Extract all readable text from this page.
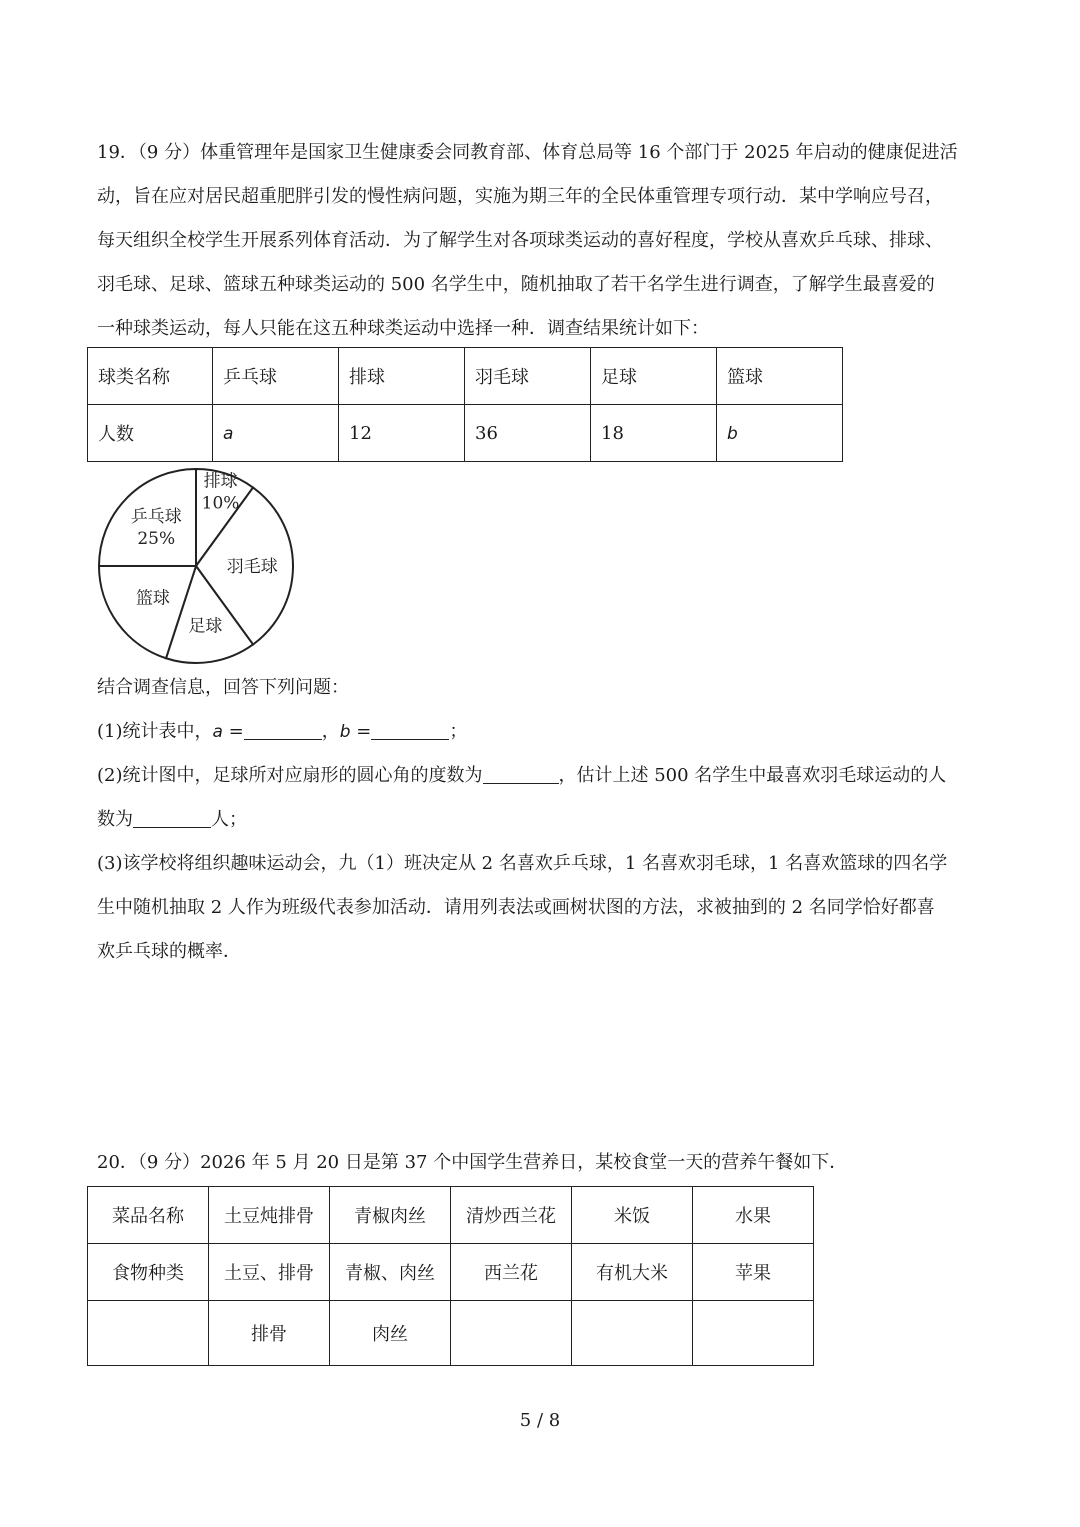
19．（9 分）体重管理年是国家卫生健康委会同教育部、体育总局等 16 个部门于 2025 年启动的健康促进活
动，旨在应对居民超重肥胖引发的慢性病问题，实施为期三年的全民体重管理专项行动．某中学响应号召，
每天组织全校学生开展系列体育活动．为了解学生对各项球类运动的喜好程度，学校从喜欢乒乓球、排球、
羽毛球、足球、篮球五种球类运动的 500 名学生中，随机抽取了若干名学生进行调查，了解学生最喜爱的
一种球类运动，每人只能在这五种球类运动中选择一种．调查结果统计如下：
球类名称	乒乓球	排球	羽毛球	足球	篮球
人数	a	12	36	18	b
排球
10%
羽毛球
足球
篮球
乒乓球
25%
结合调查信息，回答下列问题：
(1)统计表中，a =	，b =	；
(2)统计图中，足球所对应扇形的圆心角的度数为	，估计上述 500 名学生中最喜欢羽毛球运动的人
数为	人；
(3)该学校将组织趣味运动会，九（1）班决定从 2 名喜欢乒乓球，1 名喜欢羽毛球，1 名喜欢篮球的四名学
生中随机抽取 2 人作为班级代表参加活动．请用列表法或画树状图的方法，求被抽到的 2 名同学恰好都喜
欢乒乓球的概率．
20．（9 分）2026 年 5 月 20 日是第 37 个中国学生营养日，某校食堂一天的营养午餐如下．
菜品名称	土豆炖排骨	青椒肉丝	清炒西兰花	米饭	水果
食物种类	土豆、排骨	青椒、肉丝	西兰花	有机大米	苹果
	排骨	肉丝			
5 / 8
